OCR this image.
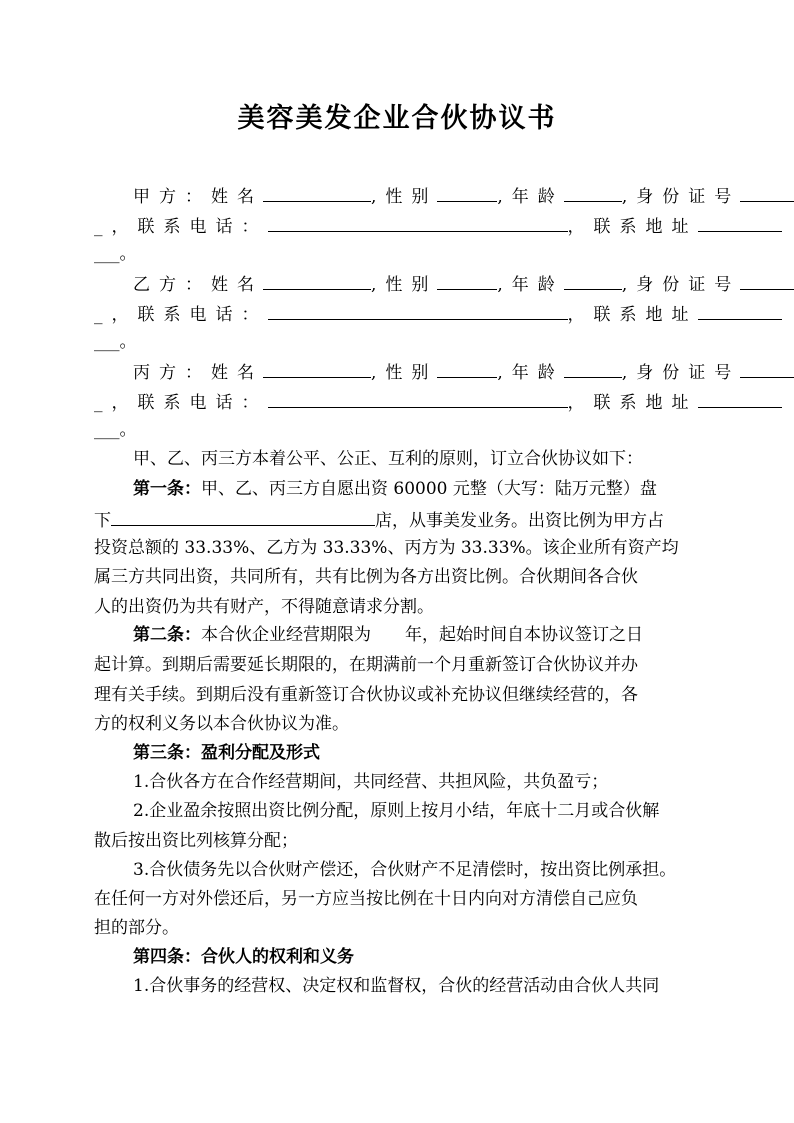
美容美发企业合伙协议书
甲方：姓名	,性别	,年龄	,身份证号
_，联系电话：	，联系地址
___。
乙方：姓名	,性别	,年龄	,身份证号
_，联系电话：	，联系地址
___。
丙方：姓名	,性别	,年龄	,身份证号
_，联系电话：	，联系地址
___。
甲、乙、丙三方本着公平、公正、互利的原则，订立合伙协议如下：
第一条：甲、乙、丙三方自愿出资 60000 元整（大写：陆万元整）盘
下	店，从事美发业务。出资比例为甲方占
投资总额的 33.33%、乙方为 33.33%、丙方为 33.33%。该企业所有资产均
属三方共同出资，共同所有，共有比例为各方出资比例。合伙期间各合伙
人的出资仍为共有财产，不得随意请求分割。
第二条：本合伙企业经营期限为　　年，起始时间自本协议签订之日
起计算。到期后需要延长期限的，在期满前一个月重新签订合伙协议并办
理有关手续。到期后没有重新签订合伙协议或补充协议但继续经营的，各
方的权利义务以本合伙协议为准。
第三条：盈利分配及形式
1.合伙各方在合作经营期间，共同经营、共担风险，共负盈亏；
2.企业盈余按照出资比例分配，原则上按月小结，年底十二月或合伙解
散后按出资比列核算分配；
3.合伙债务先以合伙财产偿还，合伙财产不足清偿时，按出资比例承担。
在任何一方对外偿还后，另一方应当按比例在十日内向对方清偿自己应负
担的部分。
第四条：合伙人的权利和义务
1.合伙事务的经营权、决定权和监督权，合伙的经营活动由合伙人共同
